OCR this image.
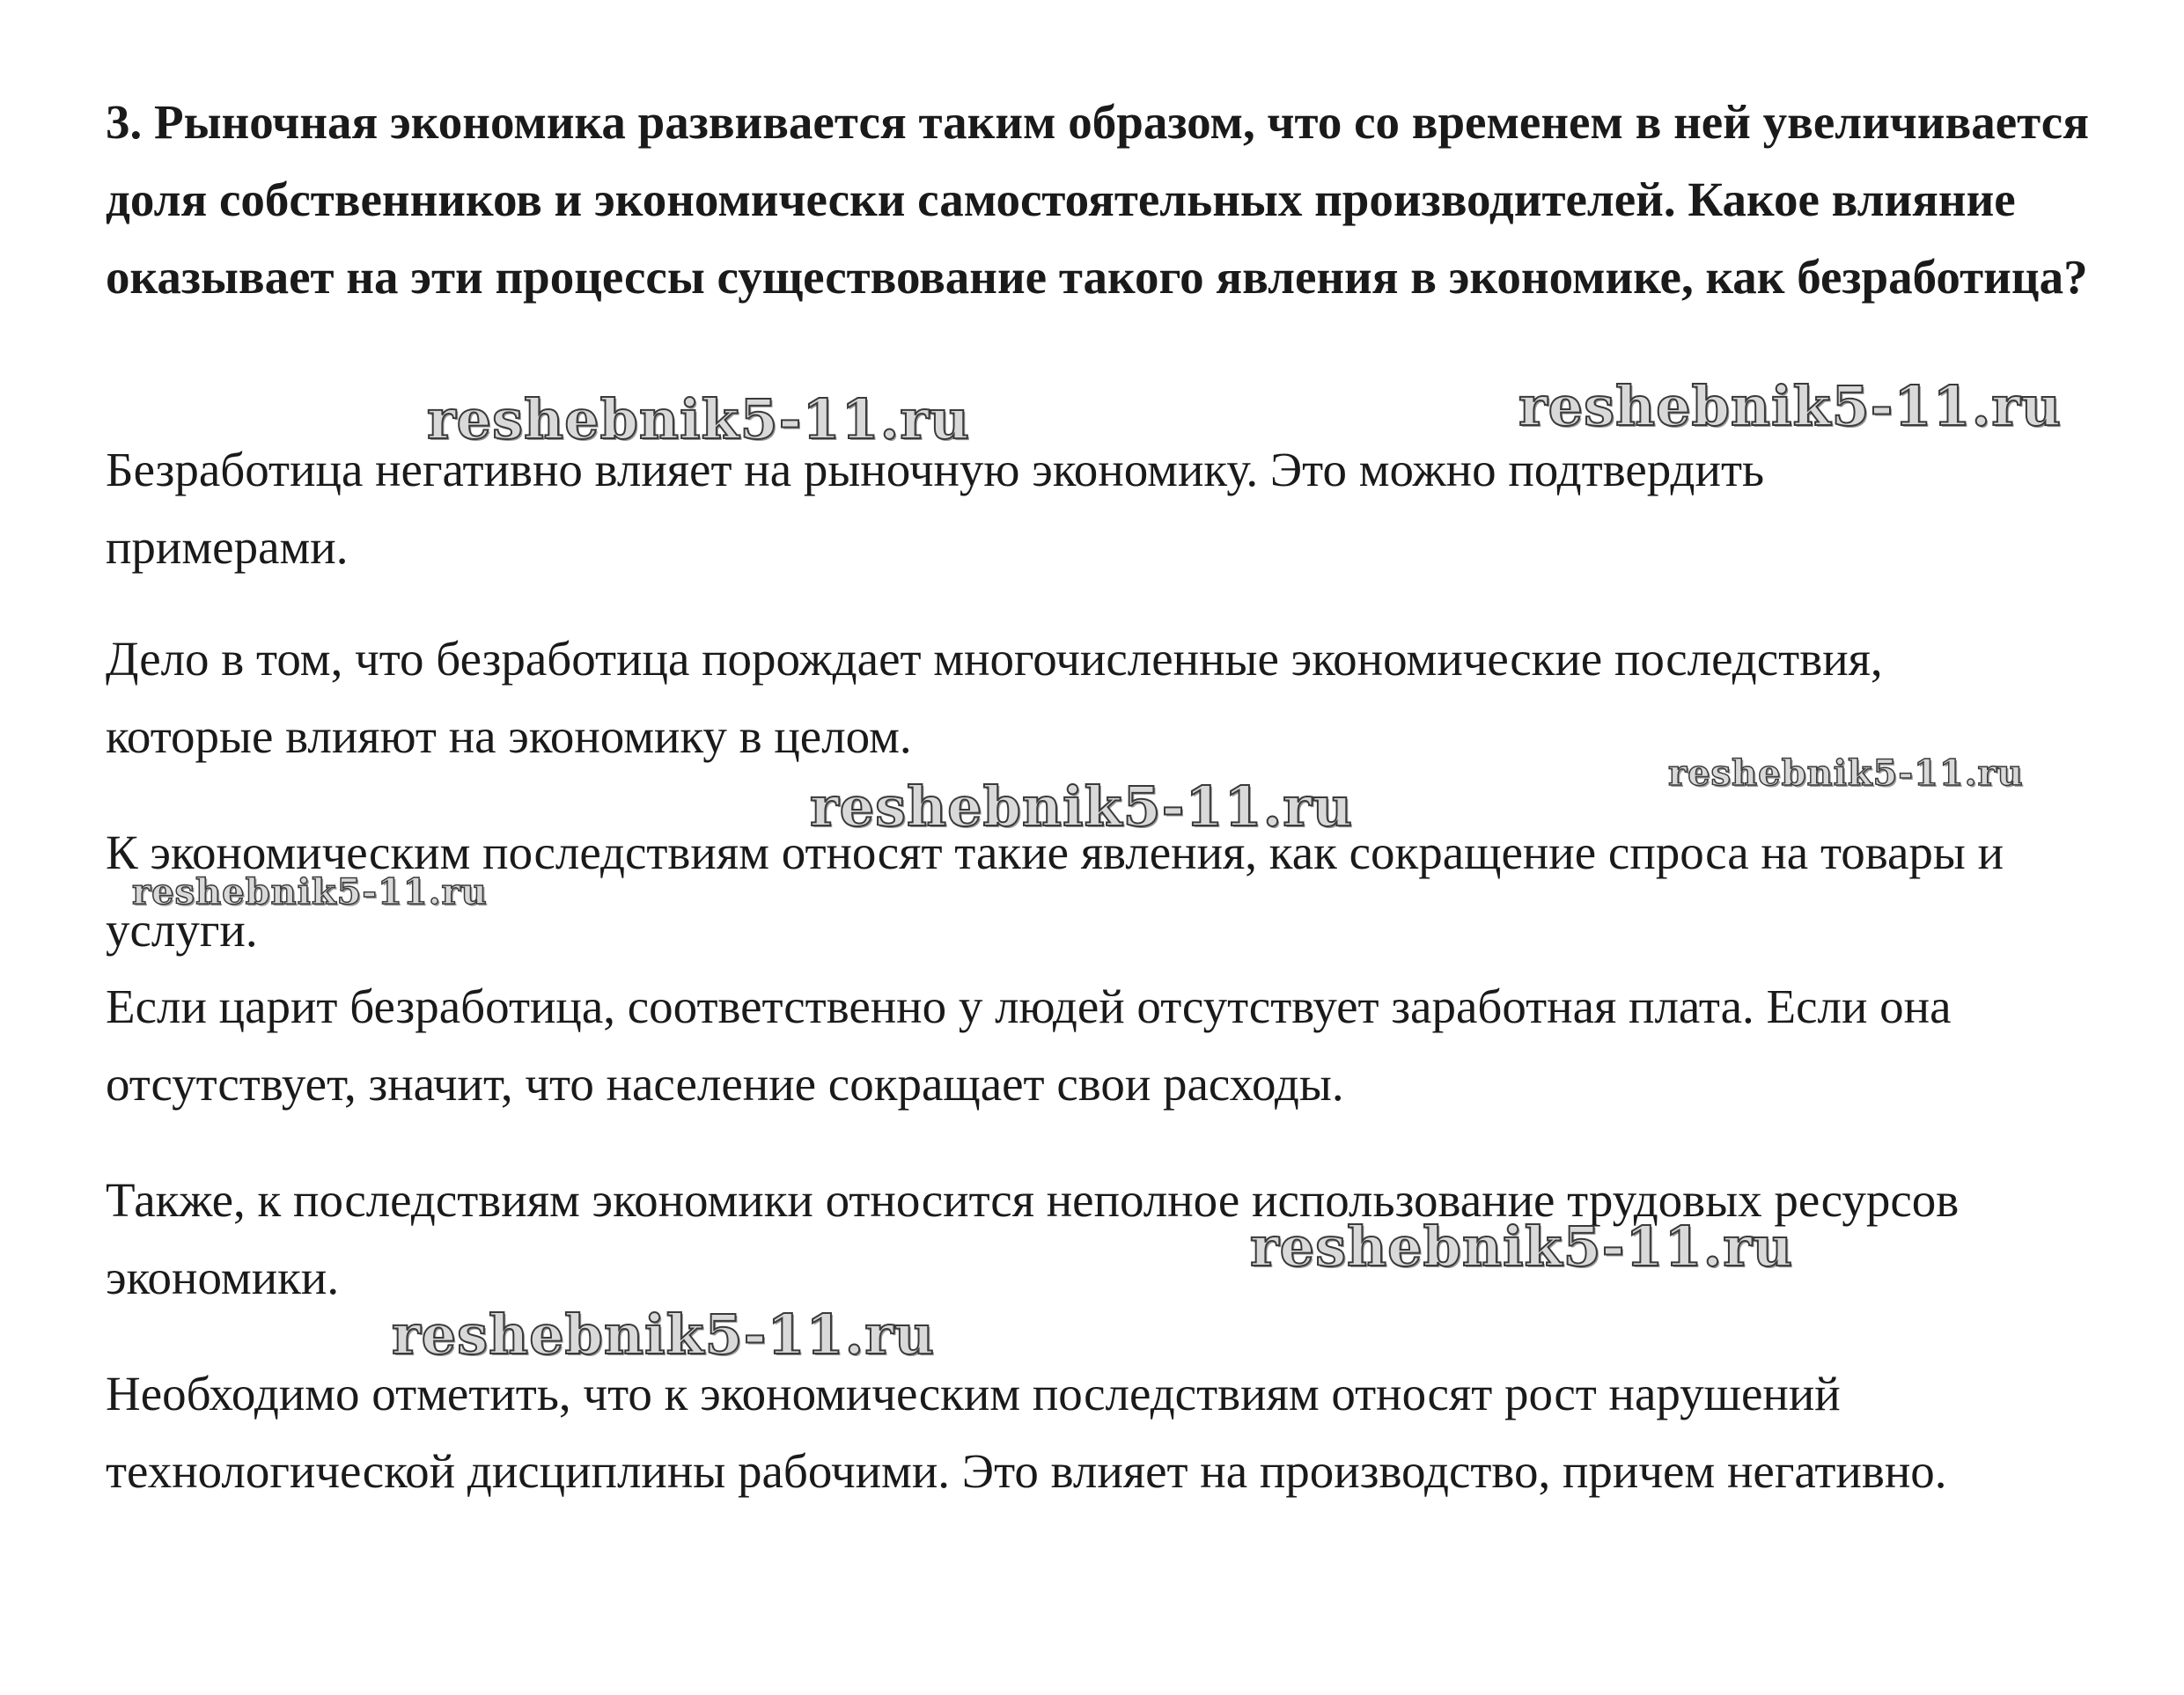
3. Рыночная экономика развивается таким образом, что со временем в ней увеличивается доля собственников и экономически самостоятельных производителей. Какое влияние оказывает на эти процессы существование такого явления в экономике, как безработица?

Безработица негативно влияет на рыночную экономику. Это можно подтвердить примерами.

Дело в том, что безработица порождает многочисленные экономические последствия, которые влияют на экономику в целом.

К экономическим последствиям относят такие явления, как сокращение спроса на товары и услуги.

Если царит безработица, соответственно у людей отсутствует заработная плата. Если она отсутствует, значит, что население сокращает свои расходы.

Также, к последствиям экономики относится неполное использование трудовых ресурсов экономики.

Необходимо отметить, что к экономическим последствиям относят рост нарушений технологической дисциплины рабочими. Это влияет на производство, причем негативно.

reshebnik5-11.ru	reshebnik5-11.ru
reshebnik5-11.ru
reshebnik5-11.ru
reshebnik5-11.ru
reshebnik5-11.ru
reshebnik5-11.ru
